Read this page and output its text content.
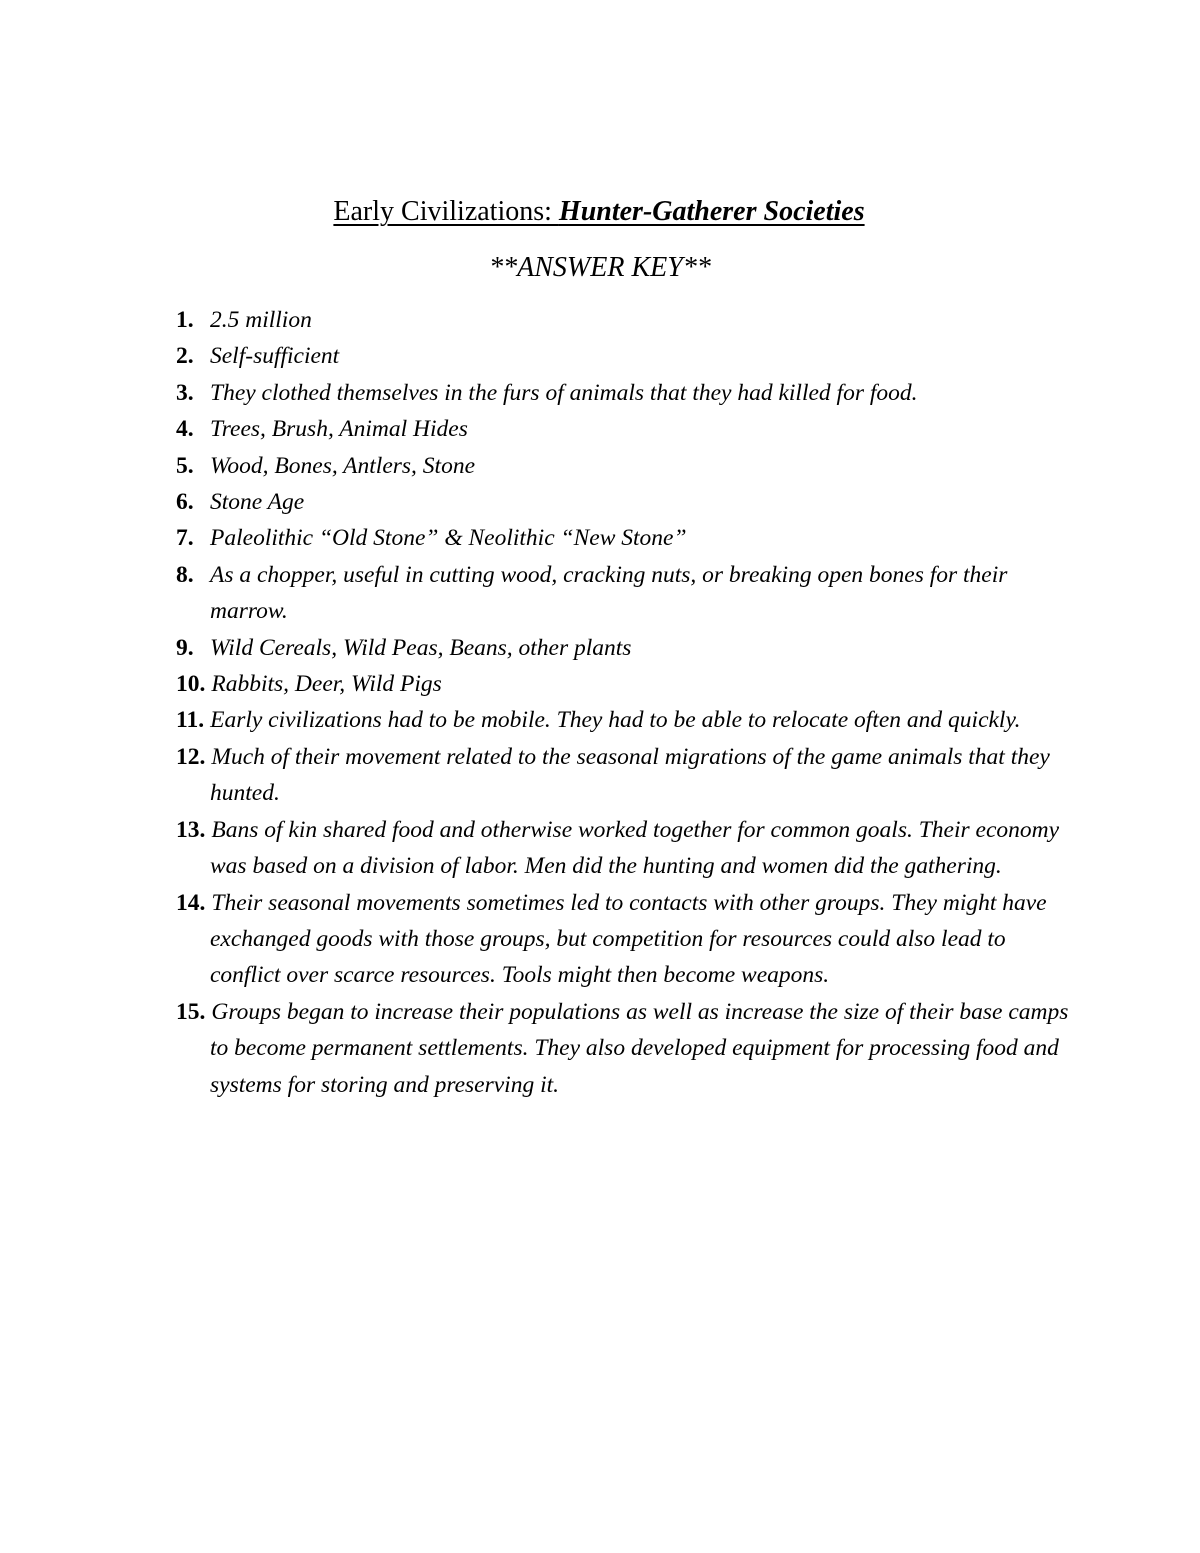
Early Civilizations: Hunter-Gatherer Societies
**ANSWER KEY**
1. 2.5 million
2. Self-sufficient
3. They clothed themselves in the furs of animals that they had killed for food.
4. Trees, Brush, Animal Hides
5. Wood, Bones, Antlers, Stone
6. Stone Age
7. Paleolithic “Old Stone” & Neolithic “New Stone”
8. As a chopper, useful in cutting wood, cracking nuts, or breaking open bones for their marrow.
9. Wild Cereals, Wild Peas, Beans, other plants
10. Rabbits, Deer, Wild Pigs
11. Early civilizations had to be mobile. They had to be able to relocate often and quickly.
12. Much of their movement related to the seasonal migrations of the game animals that they hunted.
13. Bans of kin shared food and otherwise worked together for common goals. Their economy was based on a division of labor. Men did the hunting and women did the gathering.
14. Their seasonal movements sometimes led to contacts with other groups. They might have exchanged goods with those groups, but competition for resources could also lead to conflict over scarce resources. Tools might then become weapons.
15. Groups began to increase their populations as well as increase the size of their base camps to become permanent settlements. They also developed equipment for processing food and systems for storing and preserving it.
